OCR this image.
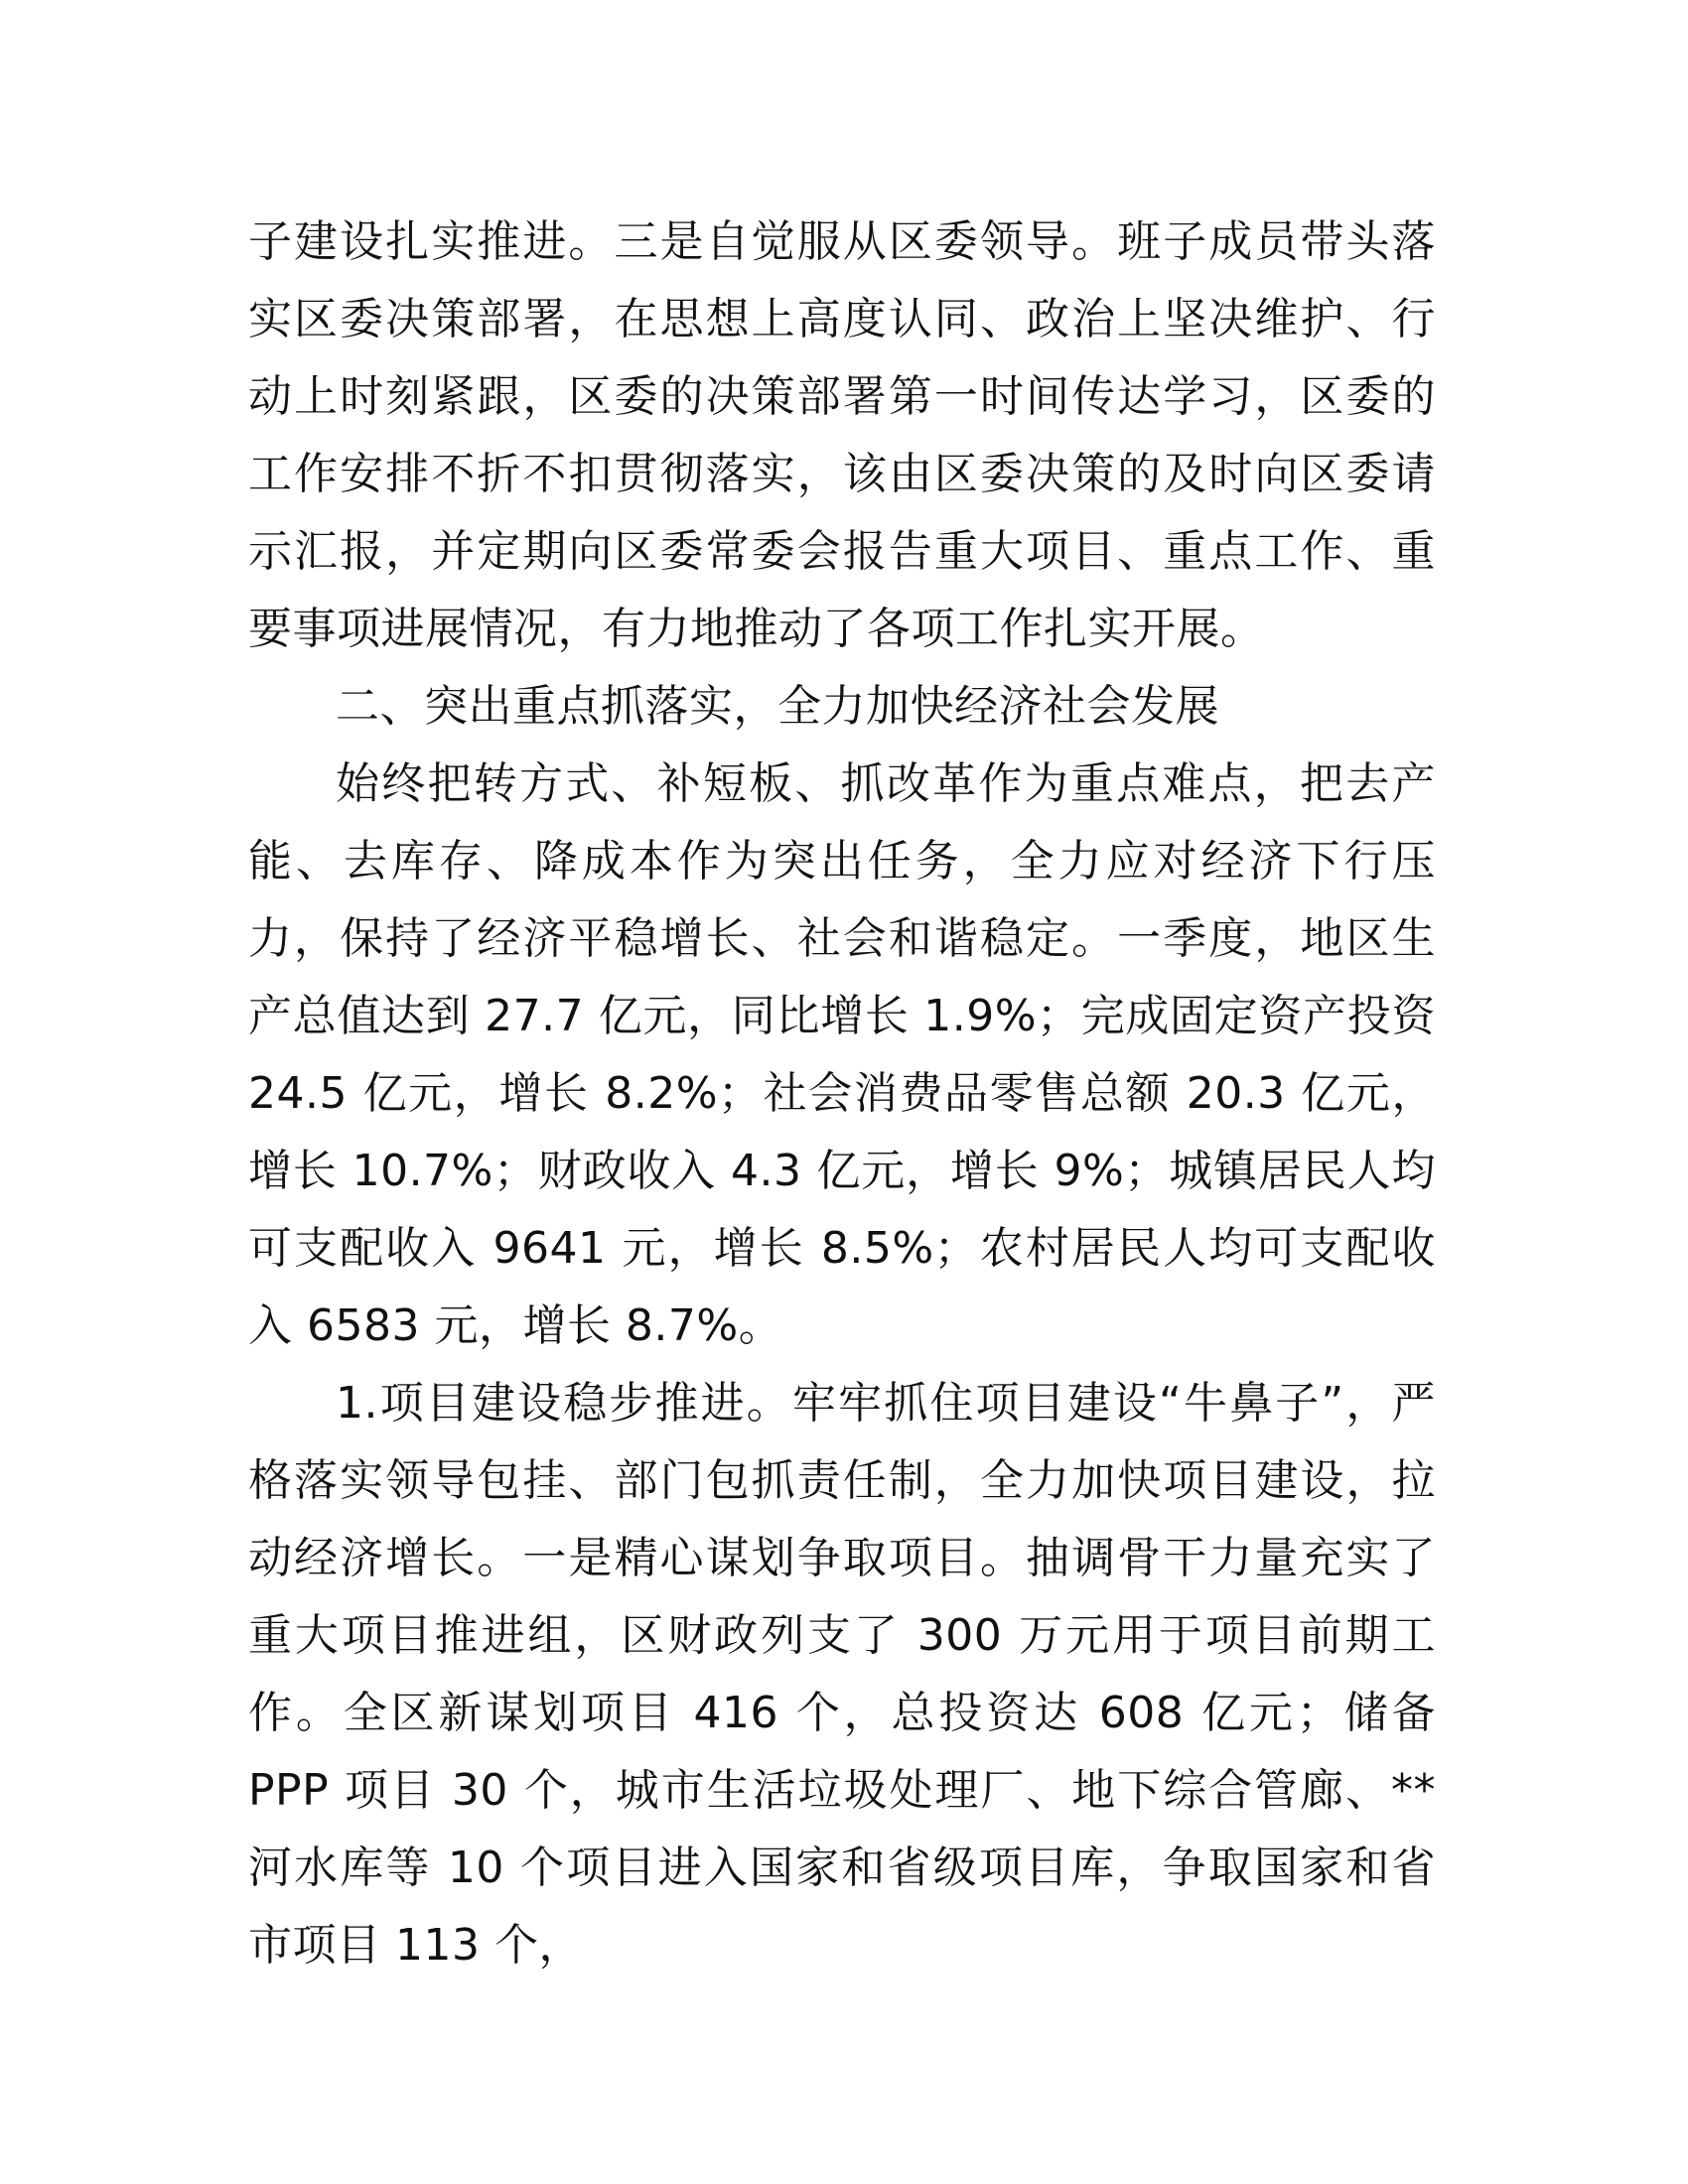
子建设扎实推进。三是自觉服从区委领导。班子成员带头落实区委决策部署，在思想上高度认同、政治上坚决维护、行动上时刻紧跟，区委的决策部署第一时间传达学习，区委的工作安排不折不扣贯彻落实，该由区委决策的及时向区委请示汇报，并定期向区委常委会报告重大项目、重点工作、重要事项进展情况，有力地推动了各项工作扎实开展。

二、突出重点抓落实，全力加快经济社会发展

始终把转方式、补短板、抓改革作为重点难点，把去产能、去库存、降成本作为突出任务，全力应对经济下行压力，保持了经济平稳增长、社会和谐稳定。一季度，地区生产总值达到 27.7 亿元，同比增长 1.9%；完成固定资产投资 24.5 亿元，增长 8.2%；社会消费品零售总额 20.3 亿元，增长 10.7%；财政收入 4.3 亿元，增长 9%；城镇居民人均可支配收入 9641 元，增长 8.5%；农村居民人均可支配收入 6583 元，增长 8.7%。

1.项目建设稳步推进。牢牢抓住项目建设“牛鼻子”，严格落实领导包挂、部门包抓责任制，全力加快项目建设，拉动经济增长。一是精心谋划争取项目。抽调骨干力量充实了重大项目推进组，区财政列支了 300 万元用于项目前期工作。全区新谋划项目 416 个，总投资达 608 亿元；储备 PPP 项目 30 个，城市生活垃圾处理厂、地下综合管廊、**河水库等 10 个项目进入国家和省级项目库，争取国家和省市项目 113 个，
